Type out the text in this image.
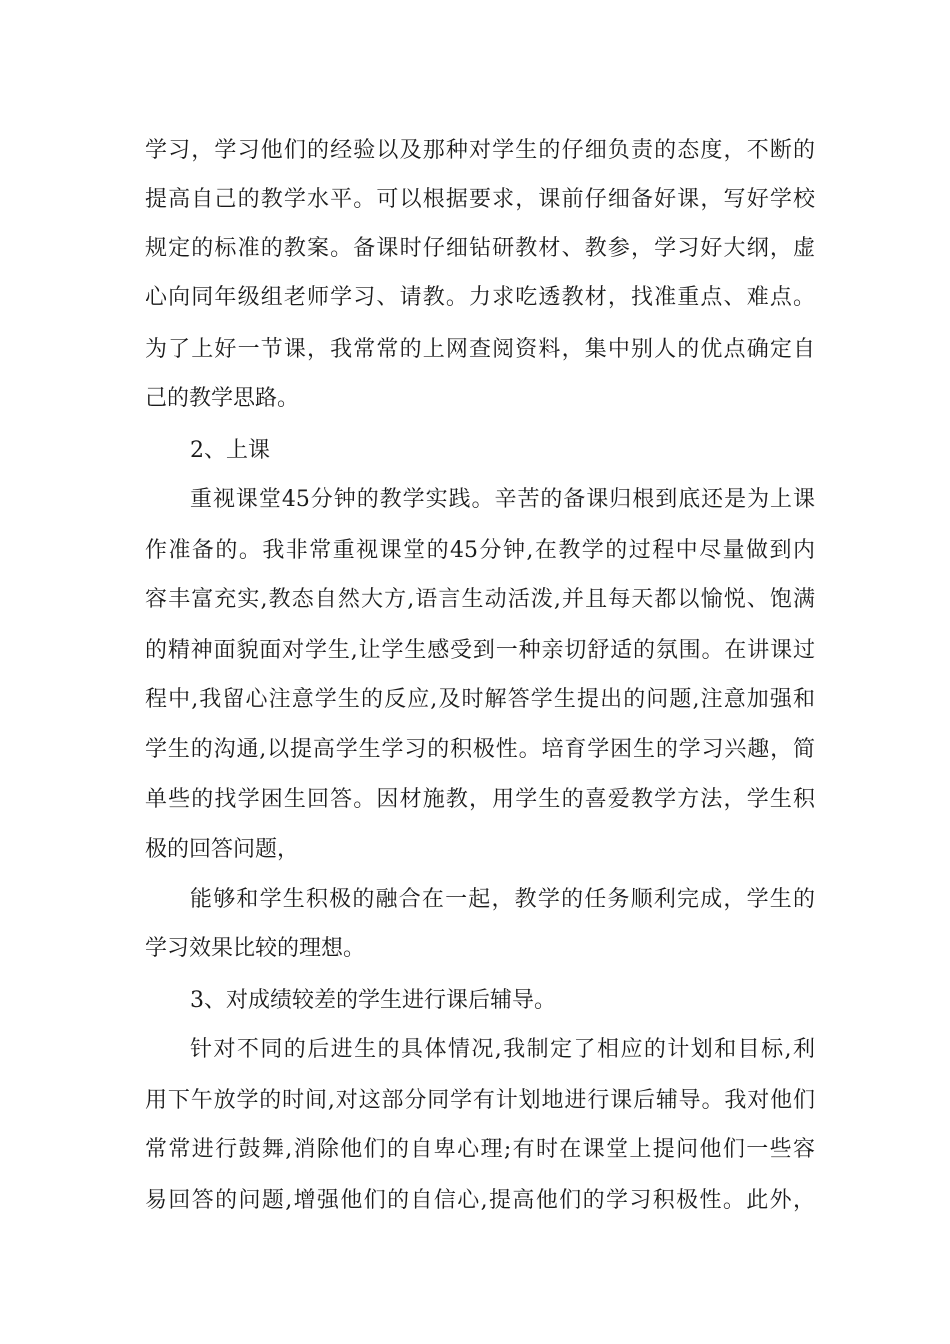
学习，学习他们的经验以及那种对学生的仔细负责的态度，不断的
提高自己的教学水平。可以根据要求，课前仔细备好课，写好学校
规定的标准的教案。备课时仔细钻研教材、教参，学习好大纲，虚
心向同年级组老师学习、请教。力求吃透教材，找准重点、难点。
为了上好一节课，我常常的上网查阅资料，集中别人的优点确定自
己的教学思路。
2、上课
重视课堂45分钟的教学实践。辛苦的备课归根到底还是为上课
作准备的。我非常重视课堂的45分钟,在教学的过程中尽量做到内
容丰富充实,教态自然大方,语言生动活泼,并且每天都以愉悦、饱满
的精神面貌面对学生,让学生感受到一种亲切舒适的氛围。在讲课过
程中,我留心注意学生的反应,及时解答学生提出的问题,注意加强和
学生的沟通,以提高学生学习的积极性。培育学困生的学习兴趣，简
单些的找学困生回答。因材施教，用学生的喜爱教学方法，学生积
极的回答问题，
能够和学生积极的融合在一起，教学的任务顺利完成，学生的
学习效果比较的理想。
3、对成绩较差的学生进行课后辅导。
针对不同的后进生的具体情况,我制定了相应的计划和目标,利
用下午放学的时间,对这部分同学有计划地进行课后辅导。我对他们
常常进行鼓舞,消除他们的自卑心理;有时在课堂上提问他们一些容
易回答的问题,增强他们的自信心,提高他们的学习积极性。此外，
